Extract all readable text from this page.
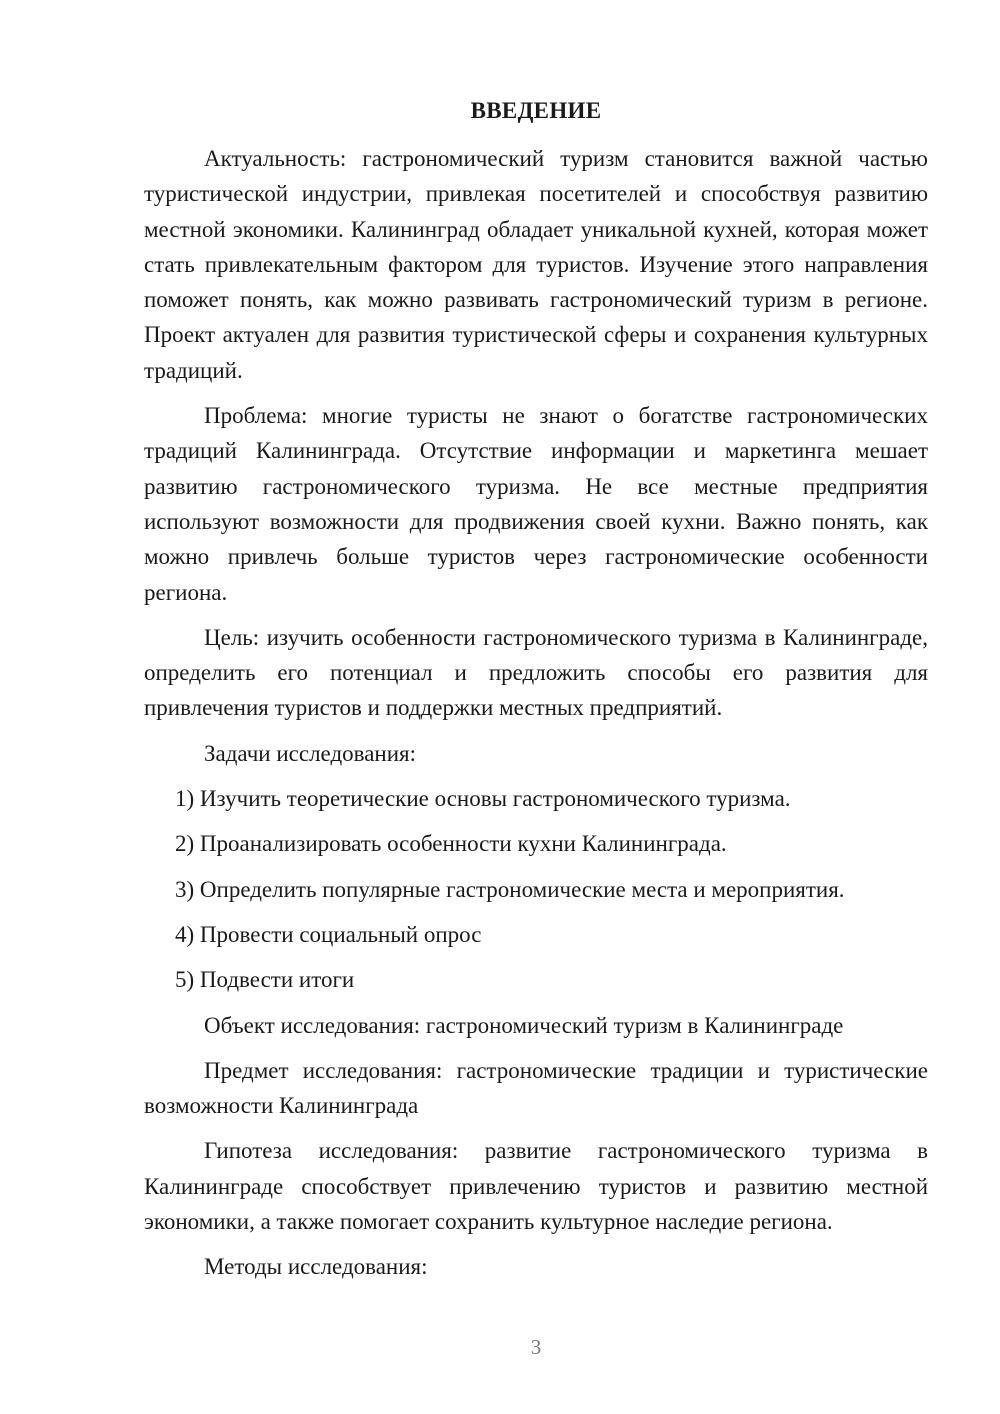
ВВЕДЕНИЕ

Актуальность: гастрономический туризм становится важной частью туристической индустрии, привлекая посетителей и способствуя развитию местной экономики. Калининград обладает уникальной кухней, которая может стать привлекательным фактором для туристов. Изучение этого направления поможет понять, как можно развивать гастрономический туризм в регионе. Проект актуален для развития туристической сферы и сохранения культурных традиций.

Проблема: многие туристы не знают о богатстве гастрономических традиций Калининграда. Отсутствие информации и маркетинга мешает развитию гастрономического туризма. Не все местные предприятия используют возможности для продвижения своей кухни. Важно понять, как можно привлечь больше туристов через гастрономические особенности региона.

Цель: изучить особенности гастрономического туризма в Калининграде, определить его потенциал и предложить способы его развития для привлечения туристов и поддержки местных предприятий.

Задачи исследования:

1) Изучить теоретические основы гастрономического туризма.

2) Проанализировать особенности кухни Калининграда.

3) Определить популярные гастрономические места и мероприятия.

4) Провести социальный опрос

5) Подвести итоги

Объект исследования: гастрономический туризм в Калининграде

Предмет исследования: гастрономические традиции и туристические возможности Калининграда

Гипотеза исследования: развитие гастрономического туризма в Калининграде способствует привлечению туристов и развитию местной экономики, а также помогает сохранить культурное наследие региона.

Методы исследования:

3
